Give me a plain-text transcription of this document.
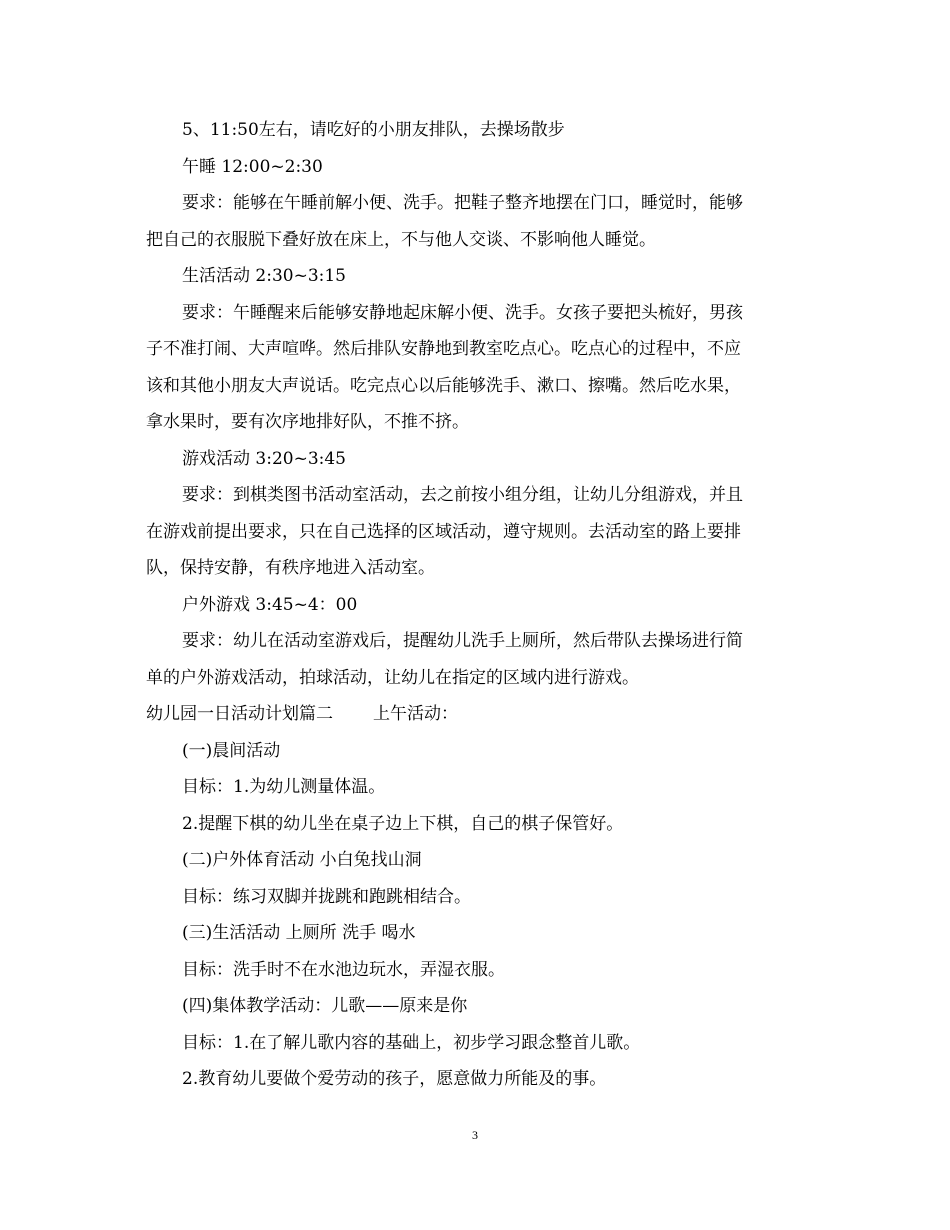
5、11:50左右，请吃好的小朋友排队，去操场散步
午睡 12:00~2:30
要求：能够在午睡前解小便、洗手。把鞋子整齐地摆在门口，睡觉时，能够
把自己的衣服脱下叠好放在床上，不与他人交谈、不影响他人睡觉。
生活活动 2:30~3:15
要求：午睡醒来后能够安静地起床解小便、洗手。女孩子要把头梳好，男孩
子不准打闹、大声喧哗。然后排队安静地到教室吃点心。吃点心的过程中，不应
该和其他小朋友大声说话。吃完点心以后能够洗手、漱口、擦嘴。然后吃水果，
拿水果时，要有次序地排好队，不推不挤。
游戏活动 3:20~3:45
要求：到棋类图书活动室活动，去之前按小组分组，让幼儿分组游戏，并且
在游戏前提出要求，只在自己选择的区域活动，遵守规则。去活动室的路上要排
队，保持安静，有秩序地进入活动室。
户外游戏 3:45~4：00
要求：幼儿在活动室游戏后，提醒幼儿洗手上厕所，然后带队去操场进行简
单的户外游戏活动，拍球活动，让幼儿在指定的区域内进行游戏。
幼儿园一日活动计划篇二 上午活动：
(一)晨间活动
目标：1.为幼儿测量体温。
2.提醒下棋的幼儿坐在桌子边上下棋，自己的棋子保管好。
(二)户外体育活动 小白兔找山洞
目标：练习双脚并拢跳和跑跳相结合。
(三)生活活动 上厕所 洗手 喝水
目标：洗手时不在水池边玩水，弄湿衣服。
(四)集体教学活动：儿歌——原来是你
目标：1.在了解儿歌内容的基础上，初步学习跟念整首儿歌。
2.教育幼儿要做个爱劳动的孩子，愿意做力所能及的事。
3
